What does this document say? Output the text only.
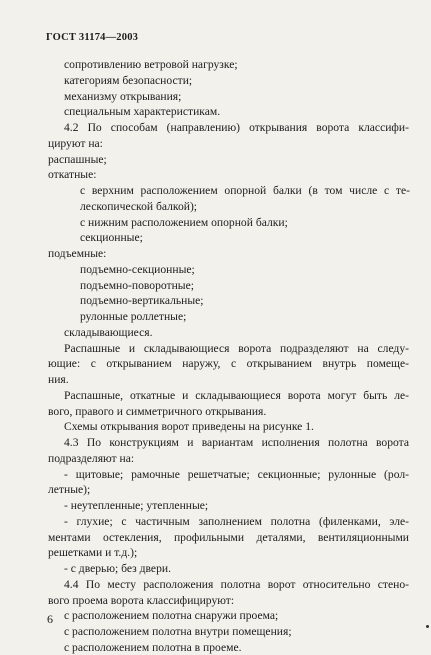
ГОСТ 31174—2003
сопротивлению ветровой нагрузке;
категориям безопасности;
механизму открывания;
специальным характеристикам.
4.2 По способам (направлению) открывания ворота классифи-
цируют на:
распашные;
откатные:
с верхним расположением опорной балки (в том числе с те-
лескопической балкой);
с нижним расположением опорной балки;
секционные;
подъемные:
подъемно-секционные;
подъемно-поворотные;
подъемно-вертикальные;
рулонные роллетные;
складывающиеся.
Распашные и складывающиеся ворота подразделяют на следу-
ющие: с открыванием наружу, с открыванием внутрь помеще-
ния.
Распашные, откатные и складывающиеся ворота могут быть ле-
вого, правого и симметричного открывания.
Схемы открывания ворот приведены на рисунке 1.
4.3 По конструкциям и вариантам исполнения полотна ворота
подразделяют на:
- щитовые; рамочные решетчатые; секционные; рулонные (рол-
летные);
- неутепленные; утепленные;
- глухие; с частичным заполнением полотна (филенками, эле-
ментами остекления, профильными деталями, вентиляционными
решетками и т.д.);
- с дверью; без двери.
4.4 По месту расположения полотна ворот относительно стено-
вого проема ворота классифицируют:
с расположением полотна снаружи проема;
с расположением полотна внутри помещения;
с расположением полотна в проеме.
6
